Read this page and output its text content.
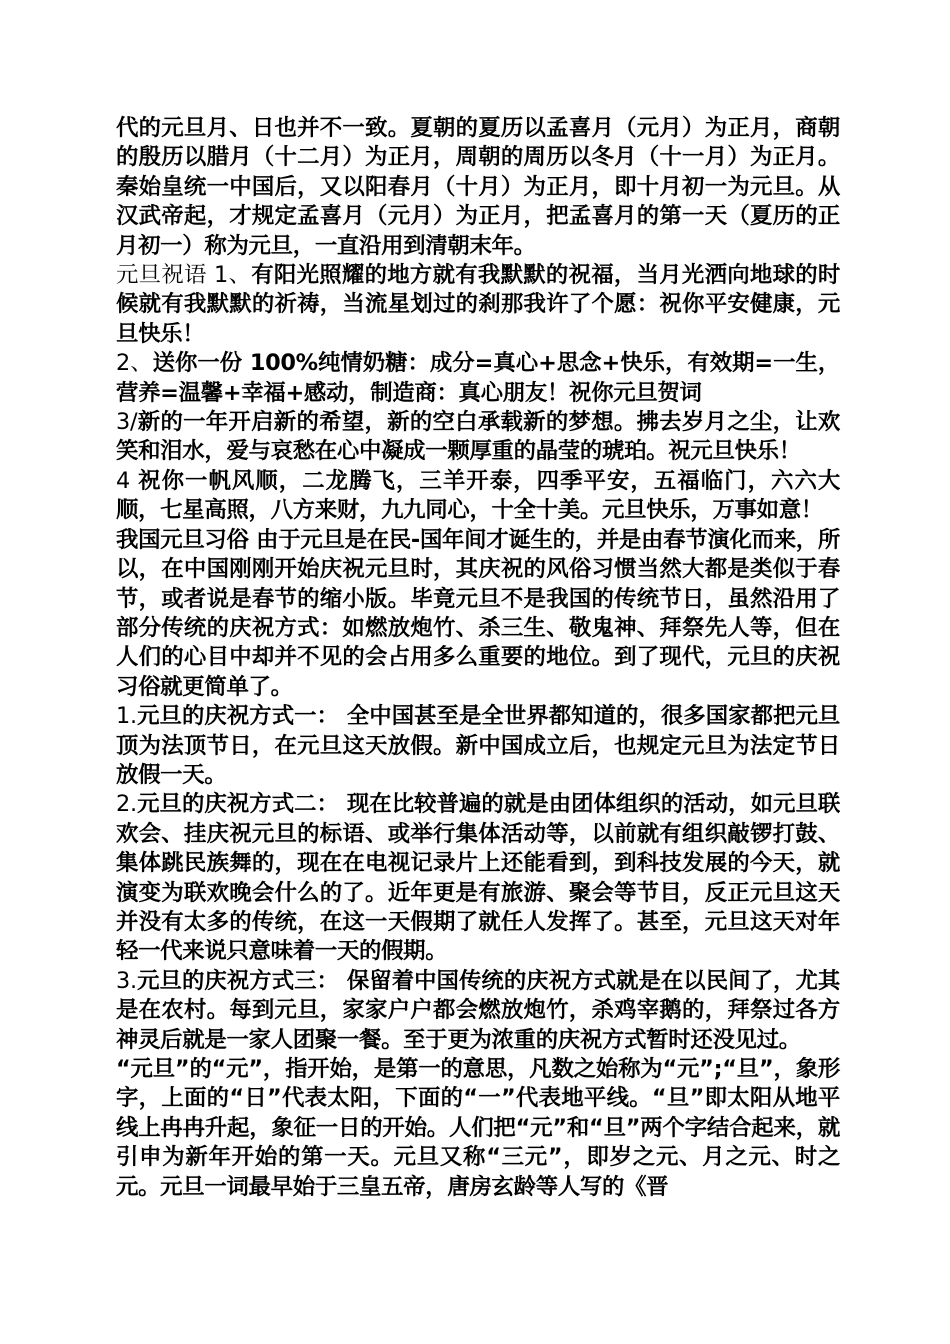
代的元旦月、日也并不一致。夏朝的夏历以孟喜月（元月）为正月，商朝的殷历以腊月（十二月）为正月，周朝的周历以冬月（十一月）为正月。秦始皇统一中国后，又以阳春月（十月）为正月，即十月初一为元旦。从汉武帝起，才规定孟喜月（元月）为正月，把孟喜月的第一天（夏历的正月初一）称为元旦，一直沿用到清朝末年。

元旦祝语 1、有阳光照耀的地方就有我默默的祝福，当月光洒向地球的时候就有我默默的祈祷，当流星划过的刹那我许了个愿：祝你平安健康，元旦快乐！

2、送你一份 100%纯情奶糖：成分=真心+思念+快乐，有效期=一生，营养=温馨+幸福+感动，制造商：真心朋友！祝你元旦贺词

3/新的一年开启新的希望，新的空白承载新的梦想。拂去岁月之尘，让欢笑和泪水，爱与哀愁在心中凝成一颗厚重的晶莹的琥珀。祝元旦快乐！

4 祝你一帆风顺，二龙腾飞，三羊开泰，四季平安，五福临门，六六大顺，七星高照，八方来财，九九同心，十全十美。元旦快乐，万事如意！

我国元旦习俗 由于元旦是在民-国年间才诞生的，并是由春节演化而来，所以，在中国刚刚开始庆祝元旦时，其庆祝的风俗习惯当然大都是类似于春节，或者说是春节的缩小版。毕竟元旦不是我国的传统节日，虽然沿用了部分传统的庆祝方式：如燃放炮竹、杀三生、敬鬼神、拜祭先人等，但在人们的心目中却并不见的会占用多么重要的地位。到了现代，元旦的庆祝习俗就更简单了。

1.元旦的庆祝方式一： 全中国甚至是全世界都知道的，很多国家都把元旦顶为法顶节日，在元旦这天放假。新中国成立后，也规定元旦为法定节日放假一天。

2.元旦的庆祝方式二： 现在比较普遍的就是由团体组织的活动，如元旦联欢会、挂庆祝元旦的标语、或举行集体活动等，以前就有组织敲锣打鼓、集体跳民族舞的，现在在电视记录片上还能看到，到科技发展的今天，就演变为联欢晚会什么的了。近年更是有旅游、聚会等节目，反正元旦这天并没有太多的传统，在这一天假期了就任人发挥了。甚至，元旦这天对年轻一代来说只意味着一天的假期。

3.元旦的庆祝方式三： 保留着中国传统的庆祝方式就是在以民间了，尤其是在农村。每到元旦，家家户户都会燃放炮竹，杀鸡宰鹅的，拜祭过各方神灵后就是一家人团聚一餐。至于更为浓重的庆祝方式暂时还没见过。

“元旦”的“元”，指开始，是第一的意思，凡数之始称为“元”;“旦”，象形字，上面的“日”代表太阳，下面的“一”代表地平线。“旦”即太阳从地平线上冉冉升起，象征一日的开始。人们把“元”和“旦”两个字结合起来，就引申为新年开始的第一天。元旦又称“三元”，即岁之元、月之元、时之元。元旦一词最早始于三皇五帝，唐房玄龄等人写的《晋
